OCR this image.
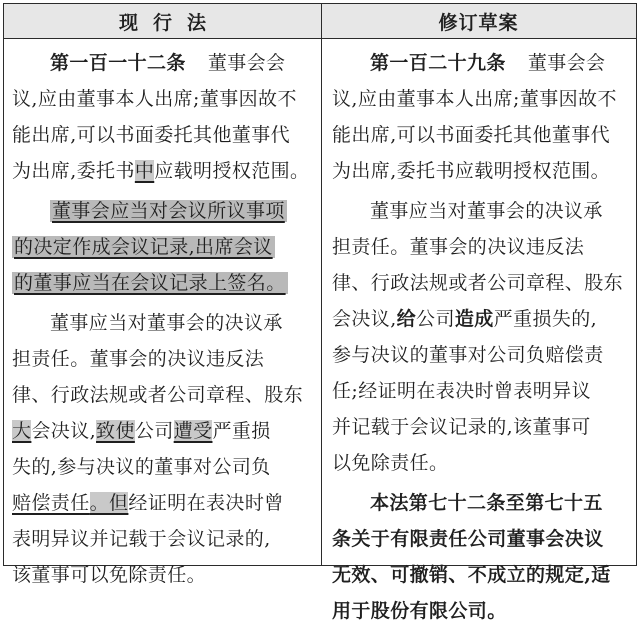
现行法	修订草案
第一百一十二条 董事会会
议,应由董事本人出席;董事因故不
能出席,可以书面委托其他董事代
为出席,委托书中应载明授权范围。
董事会应当对会议所议事项
的决定作成会议记录,出席会议
的董事应当在会议记录上签名。
董事应当对董事会的决议承
担责任。董事会的决议违反法
律、行政法规或者公司章程、股东
大会决议,致使公司遭受严重损
失的,参与决议的董事对公司负
赔偿责任。但经证明在表决时曾
表明异议并记载于会议记录的,
该董事可以免除责任。
第一百二十九条 董事会会
议,应由董事本人出席;董事因故不
能出席,可以书面委托其他董事代
为出席,委托书应载明授权范围。
董事应当对董事会的决议承
担责任。董事会的决议违反法
律、行政法规或者公司章程、股东
会决议,给公司造成严重损失的,
参与决议的董事对公司负赔偿责
任;经证明在表决时曾表明异议
并记载于会议记录的,该董事可
以免除责任。
本法第七十二条至第七十五
条关于有限责任公司董事会决议
无效、可撤销、不成立的规定,适
用于股份有限公司。
